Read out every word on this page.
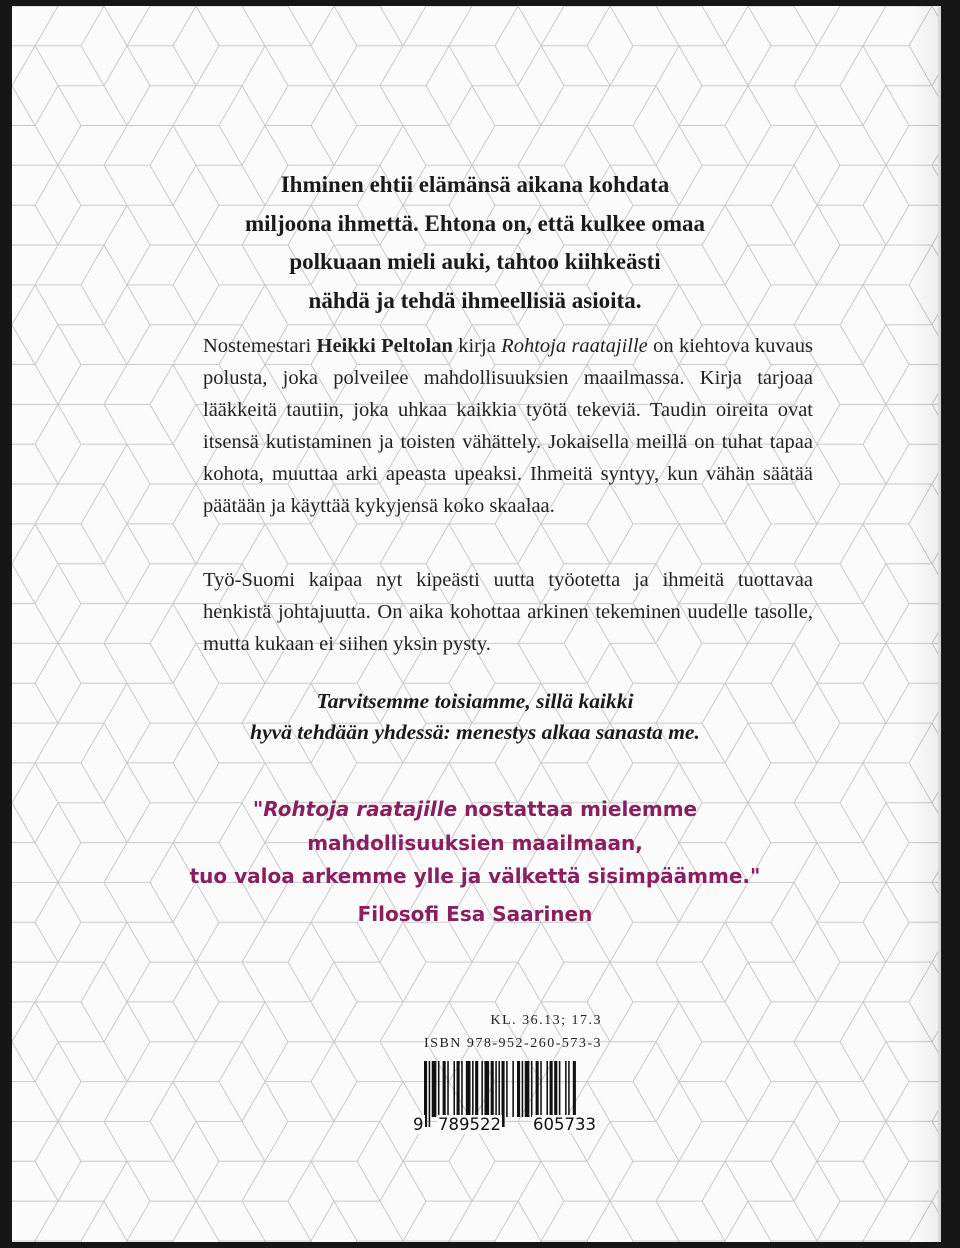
Ihminen ehtii elämänsä aikana kohdata
miljoona ihmettä. Ehtona on, että kulkee omaa
polkuaan mieli auki, tahtoo kiihkeästi
nähdä ja tehdä ihmeellisiä asioita.

Nostemestari Heikki Peltolan kirja Rohtoja raatajille on kiehtova kuvaus polusta, joka polveilee mahdollisuuksien maailmassa. Kirja tarjoaa lääkkeitä tautiin, joka uhkaa kaikkia työtä tekeviä. Taudin oireita ovat itsensä kutistaminen ja toisten vähättely. Jokaisella meillä on tuhat tapaa kohota, muuttaa arki apeasta upeaksi. Ihmeitä syntyy, kun vähän säätää päätään ja käyttää kykyjensä koko skaalaa.

Työ-Suomi kaipaa nyt kipeästi uutta työotetta ja ihmeitä tuottavaa henkistä johtajuutta. On aika kohottaa arkinen tekeminen uudelle tasolle, mutta kukaan ei siihen yksin pysty.

Tarvitsemme toisiamme, sillä kaikki
hyvä tehdään yhdessä: menestys alkaa sanasta me.
"Rohtoja raatajille nostattaa mielemme
mahdollisuuksien maailmaan,
tuo valoa arkemme ylle ja välkettä sisimpäämme."
Filosofi Esa Saarinen
KL. 36.13; 17.3
ISBN 978-952-260-573-3
9 789522 605733
